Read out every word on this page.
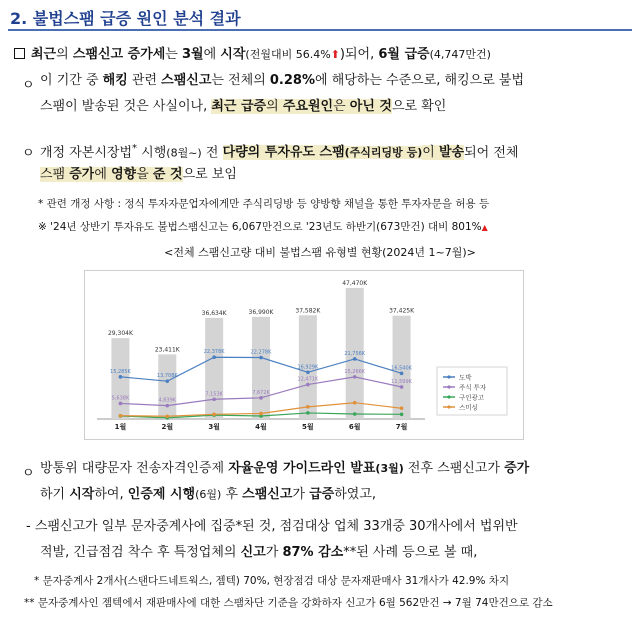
2. 불법스팸 급증 원인 분석 결과
최근의 스팸신고 증가세는 3월에 시작(전월대비 56.4%⬆)되어, 6월 급증(4,747만건)
ㅇ 이 기간 중 해킹 관련 스팸신고는 전체의 0.28%에 해당하는 수준으로, 해킹으로 불법
스팸이 발송된 것은 사실이나, 최근 급증의 주요원인은 아닌 것으로 확인
ㅇ 개정 자본시장법* 시행(8월~) 전 다량의 투자유도 스팸(주식리딩방 등)이 발송되어 전체
스팸 증가에 영향을 준 것으로 보임
* 관련 개정 사항 : 정식 투자자문업자에게만 주식리딩방 등 양방향 채널을 통한 투자자문을 허용 등
※ '24년 상반기 투자유도 불법스팸신고는 6,067만건으로 '23년도 하반기(673만건) 대비 801%▲
<전체 스팸신고량 대비 불법스팸 유형별 현황(2024년 1~7월)>
29,304K
1월
23,411K
2월
36,634K
3월
36,990K
4월
37,582K
5월
47,470K
6월
37,425K
7월
15,285K
13,708K
22,378K	22,278K
16,929K
21,756K
16,540K
5,638K	4,839K
7,153K	7,672K
12,471K
15,266K
11,599K
도박
주식 투자
구인광고
스미싱
ㅇ 방통위 대량문자 전송자격인증제 자율운영 가이드라인 발표(3월) 전후 스팸신고가 증가
하기 시작하여, 인증제 시행(6월) 후 스팸신고가 급증하였고,
- 스팸신고가 일부 문자중계사에 집중*된 것, 점검대상 업체 33개중 30개사에서 법위반
적발, 긴급점검 착수 후 특정업체의 신고가 87% 감소**된 사례 등으로 볼 때,
* 문자중계사 2개사(스탠다드네트웍스, 젬텍) 70%, 현장점검 대상 문자재판매사 31개사가 42.9% 차지
** 문자중계사인 젬텍에서 재판매사에 대한 스팸차단 기준을 강화하자 신고가 6월 562만건 → 7월 74만건으로 감소
